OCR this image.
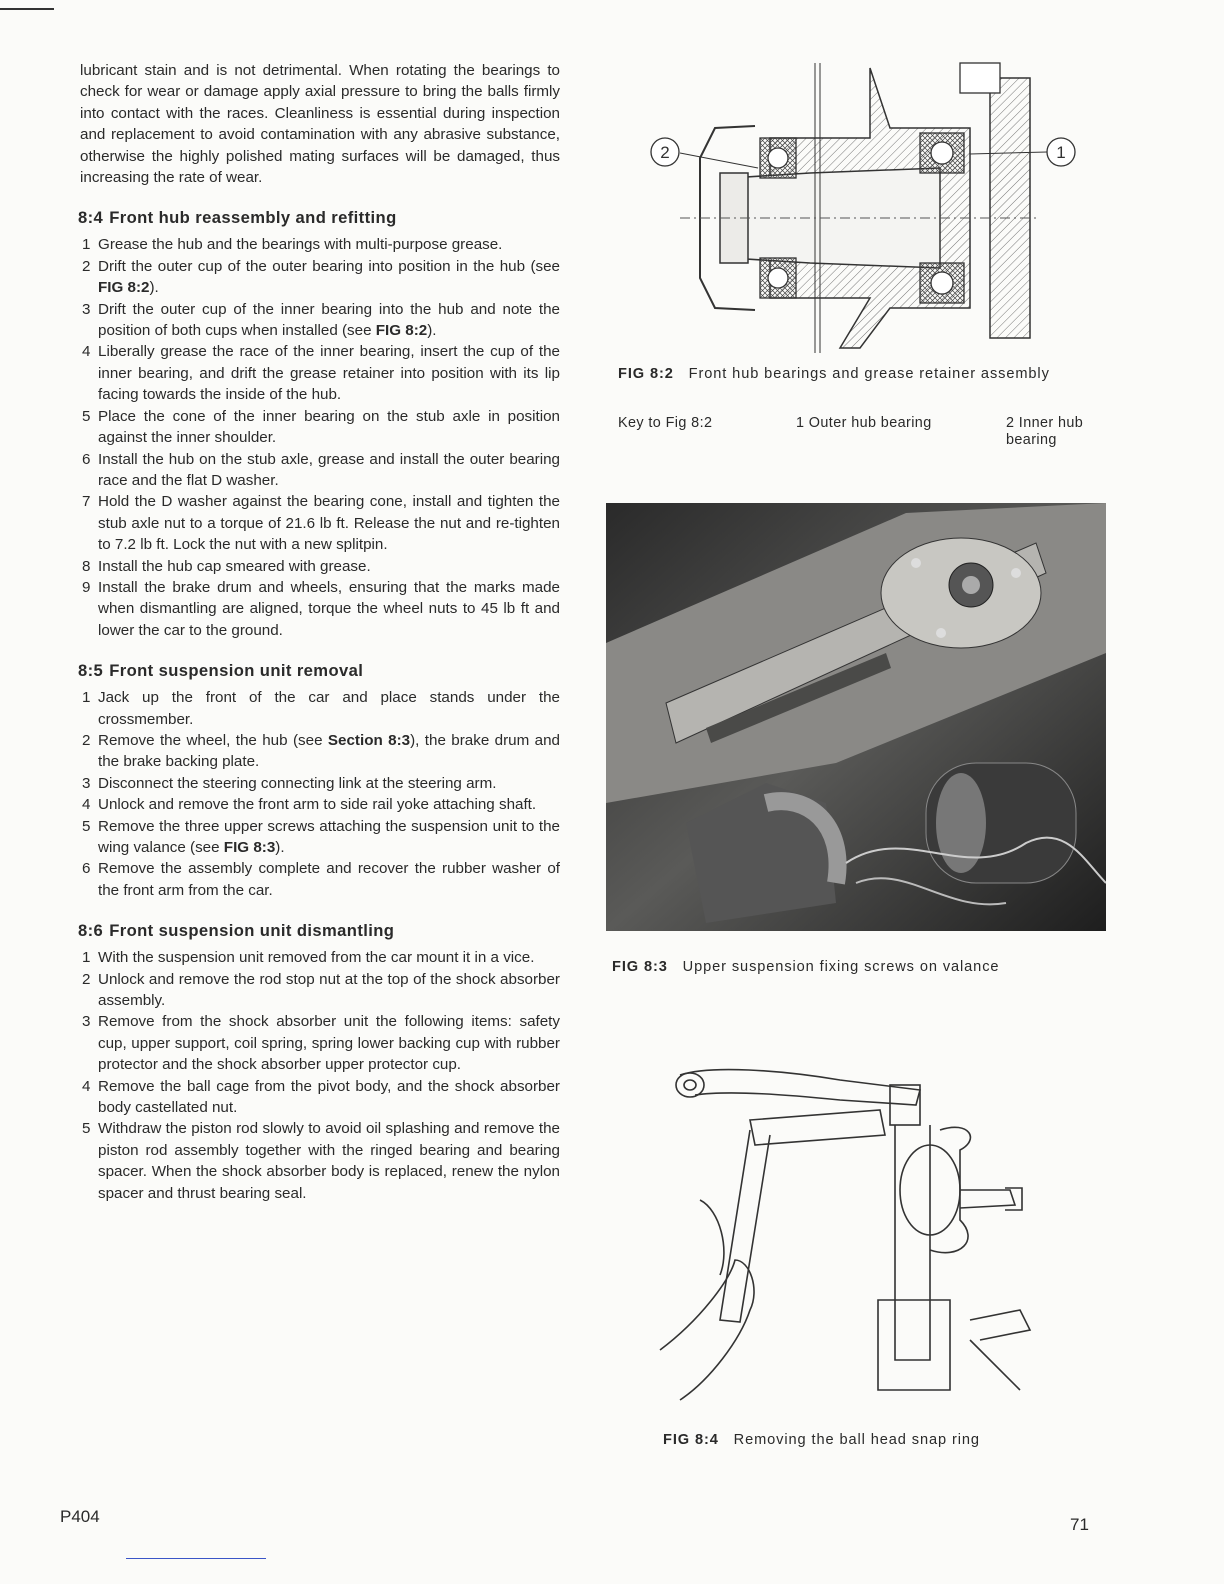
lubricant stain and is not detrimental. When rotating the bearings to check for wear or damage apply axial pressure to bring the balls firmly into contact with the races. Cleanliness is essential during inspection and replacement to avoid contamination with any abrasive substance, otherwise the highly polished mating surfaces will be damaged, thus increasing the rate of wear.

8:4 Front hub reassembly and refitting
1 Grease the hub and the bearings with multi-purpose grease.
2 Drift the outer cup of the outer bearing into position in the hub (see FIG 8:2).
3 Drift the outer cup of the inner bearing into the hub and note the position of both cups when installed (see FIG 8:2).
4 Liberally grease the race of the inner bearing, insert the cup of the inner bearing, and drift the grease retainer into position with its lip facing towards the inside of the hub.
5 Place the cone of the inner bearing on the stub axle in position against the inner shoulder.
6 Install the hub on the stub axle, grease and install the outer bearing race and the flat D washer.
7 Hold the D washer against the bearing cone, install and tighten the stub axle nut to a torque of 21.6 lb ft. Release the nut and re-tighten to 7.2 lb ft. Lock the nut with a new splitpin.
8 Install the hub cap smeared with grease.
9 Install the brake drum and wheels, ensuring that the marks made when dismantling are aligned, torque the wheel nuts to 45 lb ft and lower the car to the ground.
8:5 Front suspension unit removal
1 Jack up the front of the car and place stands under the crossmember.
2 Remove the wheel, the hub (see Section 8:3), the brake drum and the brake backing plate.
3 Disconnect the steering connecting link at the steering arm.
4 Unlock and remove the front arm to side rail yoke attaching shaft.
5 Remove the three upper screws attaching the suspension unit to the wing valance (see FIG 8:3).
6 Remove the assembly complete and recover the rubber washer of the front arm from the car.
8:6 Front suspension unit dismantling
1 With the suspension unit removed from the car mount it in a vice.
2 Unlock and remove the rod stop nut at the top of the shock absorber assembly.
3 Remove from the shock absorber unit the following items: safety cup, upper support, coil spring, spring lower backing cup with rubber protector and the shock absorber upper protector cup.
4 Remove the ball cage from the pivot body, and the shock absorber body castellated nut.
5 Withdraw the piston rod slowly to avoid oil splashing and remove the piston rod assembly together with the ringed bearing and bearing spacer. When the shock absorber body is replaced, renew the nylon spacer and thrust bearing seal.
2	1
FIG 8:2 Front hub bearings and grease retainer assembly
Key to Fig 8:2	1 Outer hub bearing	2 Inner hub bearing
FIG 8:3 Upper suspension fixing screws on valance
FIG 8:4 Removing the ball head snap ring
P404	71
